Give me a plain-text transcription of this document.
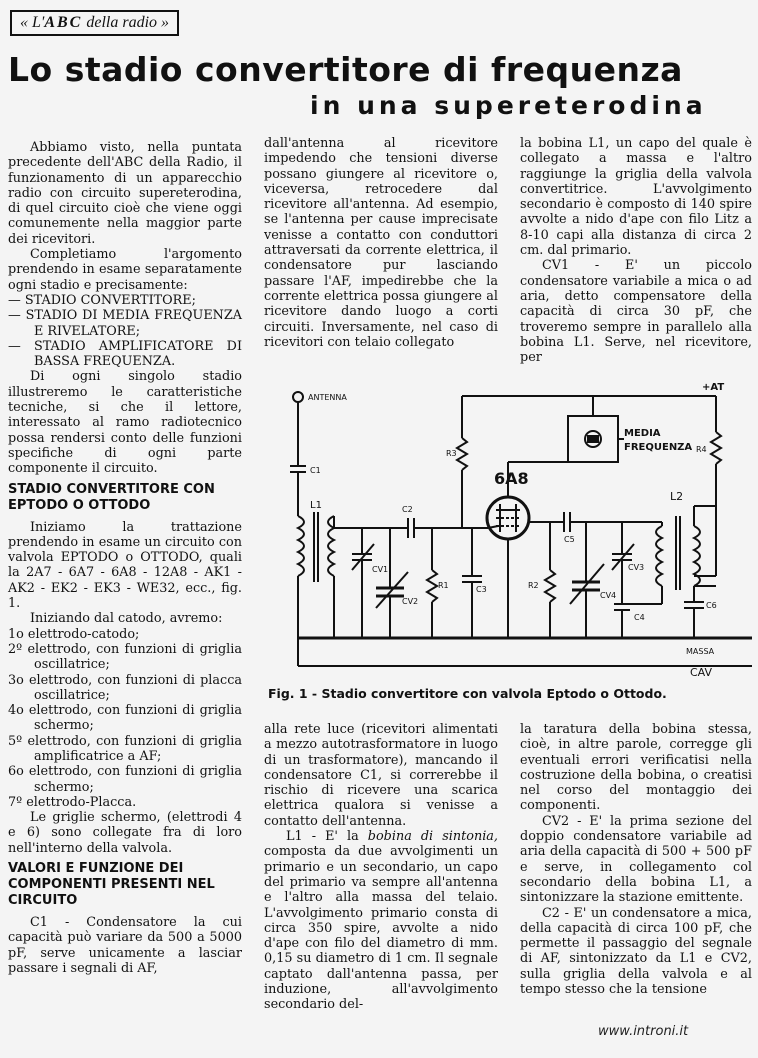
« L'ABC della radio »
Lo stadio convertitore di frequenza
in una supereterodina

Abbiamo visto, nella puntata precedente dell'ABC della Radio, il funzionamento di un apparecchio radio con circuito supereterodina, di quel circuito cioè che viene oggi comunemente nella maggior parte dei ricevitori.

Completiamo l'argomento prendendo in esame separatamente ogni stadio e precisamente:

— STADIO CONVERTITORE;

— STADIO DI MEDIA FREQUENZA E RIVELATORE;

— STADIO AMPLIFICATORE DI BASSA FREQUENZA.

Di ogni singolo stadio illustreremo le caratteristiche tecniche, si che il lettore, interessato al ramo radiotecnico possa rendersi conto delle funzioni specifiche di ogni parte componente il circuito.

STADIO CONVERTITORE CON EPTODO O OTTODO

Iniziamo la trattazione prendendo in esame un circuito con valvola EPTODO o OTTODO, quali la 2A7 - 6A7 - 6A8 - 12A8 - AK1 - AK2 - EK2 - EK3 - WE32, ecc., fig. 1.

Iniziando dal catodo, avremo:

1o elettrodo-catodo;

2º elettrodo, con funzioni di griglia oscillatrice;

3o elettrodo, con funzioni di placca oscillatrice;

4o elettrodo, con funzioni di griglia schermo;

5º elettrodo, con funzioni di griglia amplificatrice a AF;

6o elettrodo, con funzioni di griglia schermo;

7º elettrodo-Placca.

Le griglie schermo, (elettrodi 4 e 6) sono collegate fra di loro nell'interno della valvola.

VALORI E FUNZIONE DEI COMPONENTI PRESENTI NEL CIRCUITO

C1 - Condensatore la cui capacità può variare da 500 a 5000 pF, serve unicamente a lasciar passare i segnali di AF,

dall'antenna al ricevitore impedendo che tensioni diverse possano giungere al ricevitore o, viceversa, retrocedere dal ricevitore all'antenna. Ad esempio, se l'antenna per cause imprecisate venisse a contatto con conduttori attraversati da corrente elettrica, il condensatore pur lasciando passare l'AF, impedirebbe che la corrente elettrica possa giungere al ricevitore dando luogo a corti circuiti. Inversamente, nel caso di ricevitori con telaio collegato

la bobina L1, un capo del quale è collegato a massa e l'altro raggiunge la griglia della valvola convertitrice. L'avvolgimento secondario è composto di 140 spire avvolte a nido d'ape con filo Litz a 8-10 capi alla distanza di circa 2 cm. dal primario.

CV1 - E' un piccolo condensatore variabile a mica o ad aria, detto compensatore della capacità di circa 30 pF, che troveremo sempre in parallelo alla bobina L1. Serve, nel ricevitore, per

ANTENNA
C1
L1	C2
CV1
CV2
R1
R3
C3
6A8
C5
R2
CV3
CV4
C4
L2
C6
R4
MEDIA
FREQUENZA
+AT
MASSA
CAV
Fig. 1 - Stadio convertitore con valvola Eptodo o Ottodo.

alla rete luce (ricevitori alimentati a mezzo autotrasformatore in luogo di un trasformatore), mancando il condensatore C1, si correrebbe il rischio di ricevere una scarica elettrica qualora si venisse a contatto dell'antenna.

L1 - E' la bobina di sintonia, composta da due avvolgimenti un primario e un secondario, un capo del primario va sempre all'antenna e l'altro alla massa del telaio. L'avvolgimento primario consta di circa 350 spire, avvolte a nido d'ape con filo del diametro di mm. 0,15 su diametro di 1 cm. Il segnale captato dall'antenna passa, per induzione, all'avvolgimento secondario del-

la taratura della bobina stessa, cioè, in altre parole, corregge gli eventuali errori verificatisi nella costruzione della bobina, o creatisi nel corso del montaggio dei componenti.

CV2 - E' la prima sezione del doppio condensatore variabile ad aria della capacità di 500 + 500 pF e serve, in collegamento col secondario della bobina L1, a sintonizzare la stazione emittente.

C2 - E' un condensatore a mica, della capacità di circa 100 pF, che permette il passaggio del segnale di AF, sintonizzato da L1 e CV2, sulla griglia della valvola e al tempo stesso che la tensione

www.introni.it
